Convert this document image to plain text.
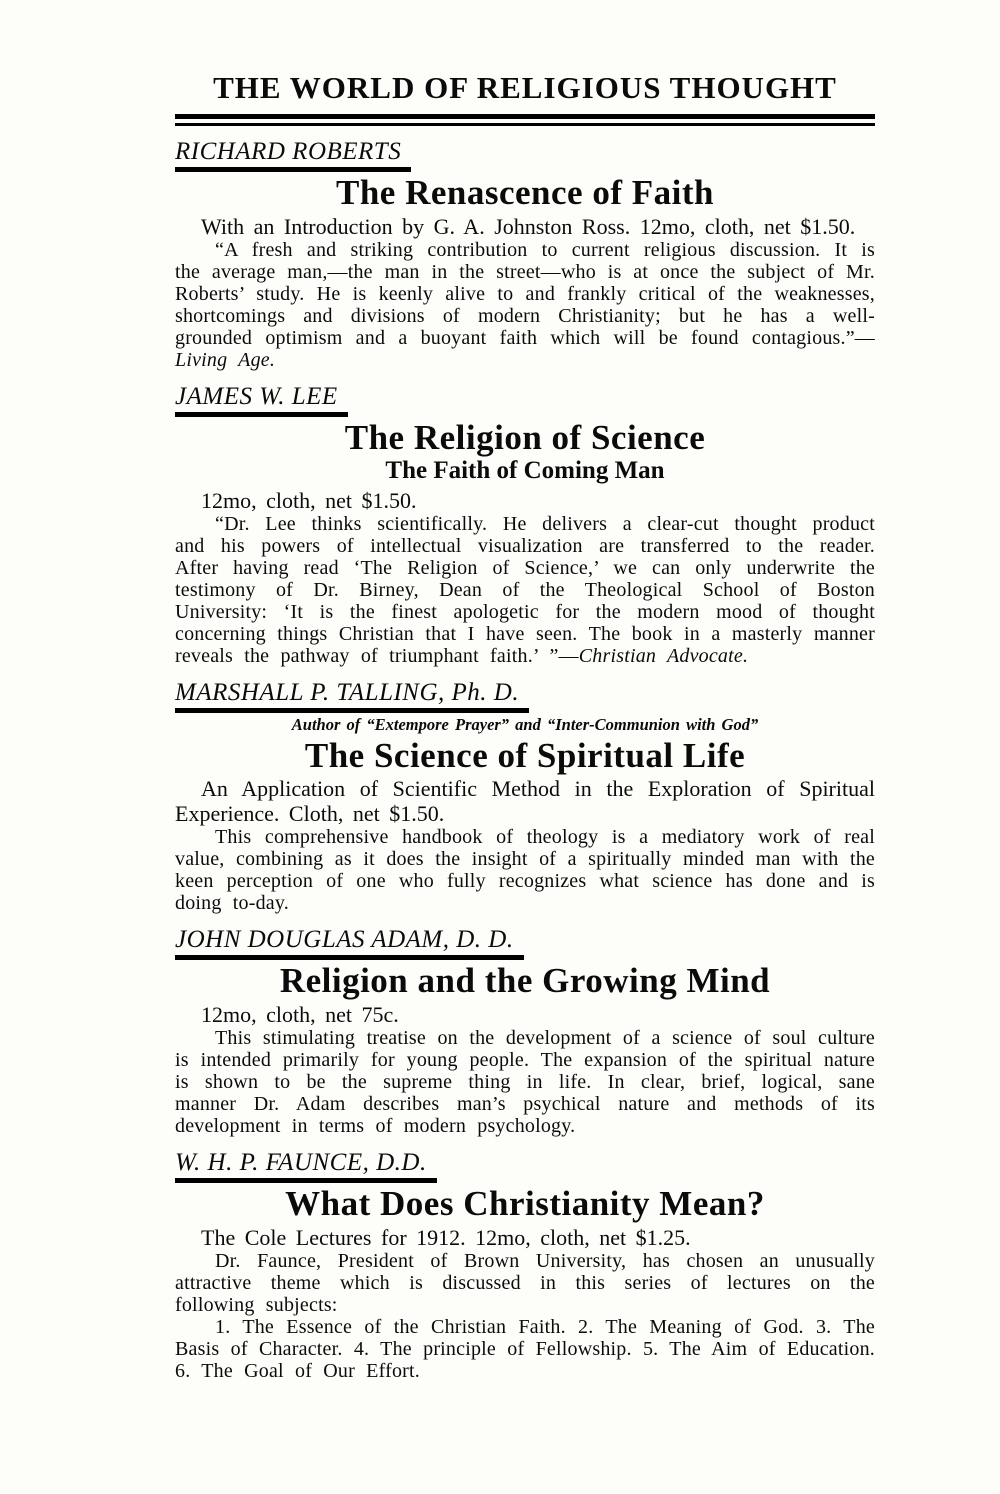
THE WORLD OF RELIGIOUS THOUGHT
RICHARD ROBERTS
The Renascence of Faith

With an Introduction by G. A. Johnston Ross. 12mo, cloth, net $1.50.

“A fresh and striking contribution to current religious discussion. It is the average man,—the man in the street—who is at once the subject of Mr. Roberts’ study. He is keenly alive to and frankly critical of the weaknesses, shortcomings and divisions of modern Christianity; but he has a well-grounded optimism and a buoyant faith which will be found contagious.”—Living Age.

JAMES W. LEE
The Religion of Science
The Faith of Coming Man

12mo, cloth, net $1.50.

“Dr. Lee thinks scientifically. He delivers a clear-cut thought product and his powers of intellectual visualization are transferred to the reader. After having read ‘The Religion of Science,’ we can only underwrite the testimony of Dr. Birney, Dean of the Theological School of Boston University: ‘It is the finest apologetic for the modern mood of thought concerning things Christian that I have seen. The book in a masterly manner reveals the pathway of triumphant faith.’ ”—Christian Advocate.

MARSHALL P. TALLING, Ph. D.

Author of “Extempore Prayer” and “Inter-Communion with God”

The Science of Spiritual Life

An Application of Scientific Method in the Exploration of Spiritual Experience. Cloth, net $1.50.

This comprehensive handbook of theology is a mediatory work of real value, combining as it does the insight of a spiritually minded man with the keen perception of one who fully recognizes what science has done and is doing to-day.

JOHN DOUGLAS ADAM, D. D.
Religion and the Growing Mind

12mo, cloth, net 75c.

This stimulating treatise on the development of a science of soul culture is intended primarily for young people. The expansion of the spiritual nature is shown to be the supreme thing in life. In clear, brief, logical, sane manner Dr. Adam describes man’s psychical nature and methods of its development in terms of modern psychology.

W. H. P. FAUNCE, D.D.
What Does Christianity Mean?

The Cole Lectures for 1912. 12mo, cloth, net $1.25.

Dr. Faunce, President of Brown University, has chosen an unusually attractive theme which is discussed in this series of lectures on the following subjects:

1. The Essence of the Christian Faith. 2. The Meaning of God. 3. The Basis of Character. 4. The principle of Fellowship. 5. The Aim of Education. 6. The Goal of Our Effort.
